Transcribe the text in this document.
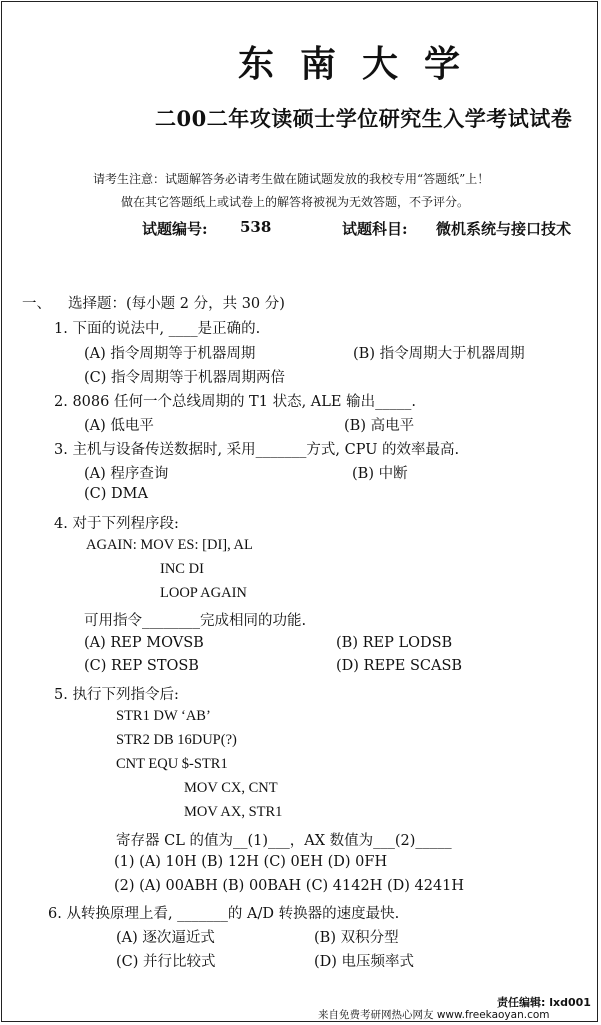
东南大学
二00二年攻读硕士学位研究生入学考试试卷
请考生注意：试题解答务必请考生做在随试题发放的我校专用“答题纸”上！
做在其它答题纸上或试卷上的解答将被视为无效答题，不予评分。
试题编号: 538	试题科目: 微机系统与接口技术
一、 选择题：(每小题 2 分，共 30 分)
1. 下面的说法中, ____是正确的.
(A) 指令周期等于机器周期	(B) 指令周期大于机器周期
(C) 指令周期等于机器周期两倍
2. 8086 任何一个总线周期的 T1 状态, ALE 输出_____.
(A) 低电平	(B) 高电平
3. 主机与设备传送数据时, 采用_______方式, CPU 的效率最高.
(A) 程序查询	(B) 中断
(C) DMA
4. 对于下列程序段:
AGAIN: MOV ES: [DI], AL
INC DI
LOOP AGAIN
可用指令________完成相同的功能.
(A) REP MOVSB	(B) REP LODSB
(C) REP STOSB	(D) REPE SCASB
5. 执行下列指令后:
STR1 DW ‘AB’
STR2 DB 16DUP(?)
CNT EQU $-STR1
MOV CX, CNT
MOV AX, STR1
寄存器 CL 的值为__(1)___，AX 数值为___(2)_____
(1) (A) 10H (B) 12H (C) 0EH (D) 0FH
(2) (A) 00ABH (B) 00BAH (C) 4142H (D) 4241H
6. 从转换原理上看, _______的 A/D 转换器的速度最快.
(A) 逐次逼近式	(B) 双积分型
(C) 并行比较式	(D) 电压频率式
责任编辑: lxd001
来自免费考研网热心网友 www.freekaoyan.com
